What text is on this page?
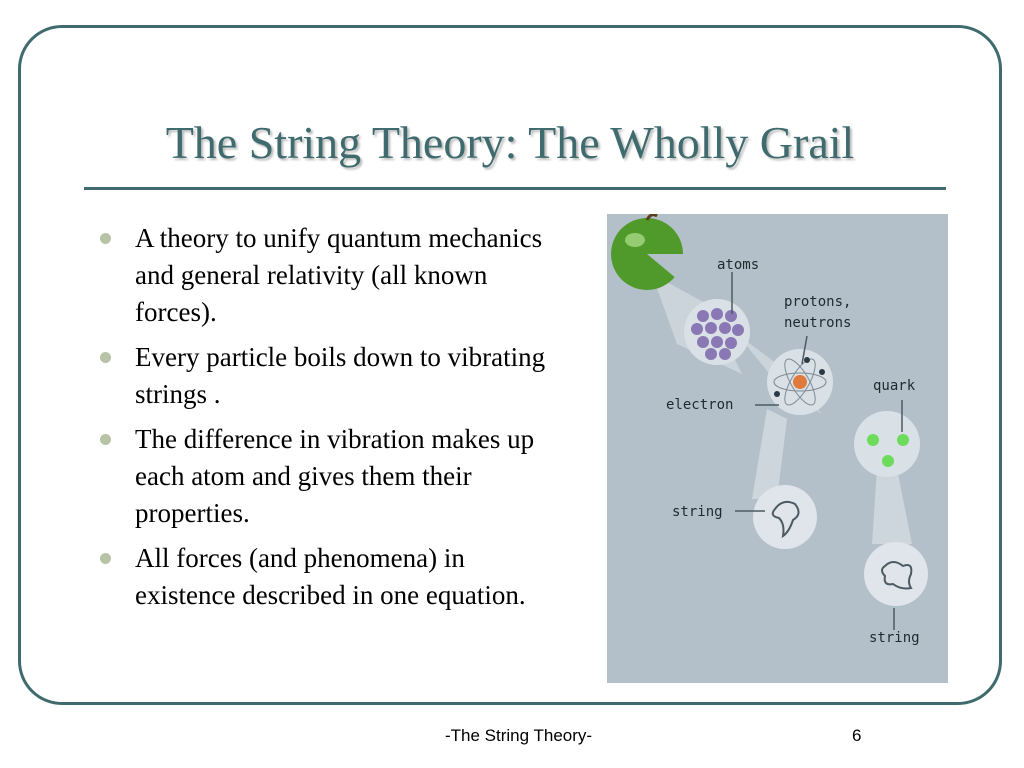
The String Theory: The Wholly Grail
A theory to unify quantum mechanics and general relativity (all known forces).
Every particle boils down to vibrating strings .
The difference in vibration makes up each atom and gives them their properties.
All forces (and phenomena) in existence described in one equation.
atoms
protons,
neutrons
electron
quark
string
string
-The String Theory-	6
